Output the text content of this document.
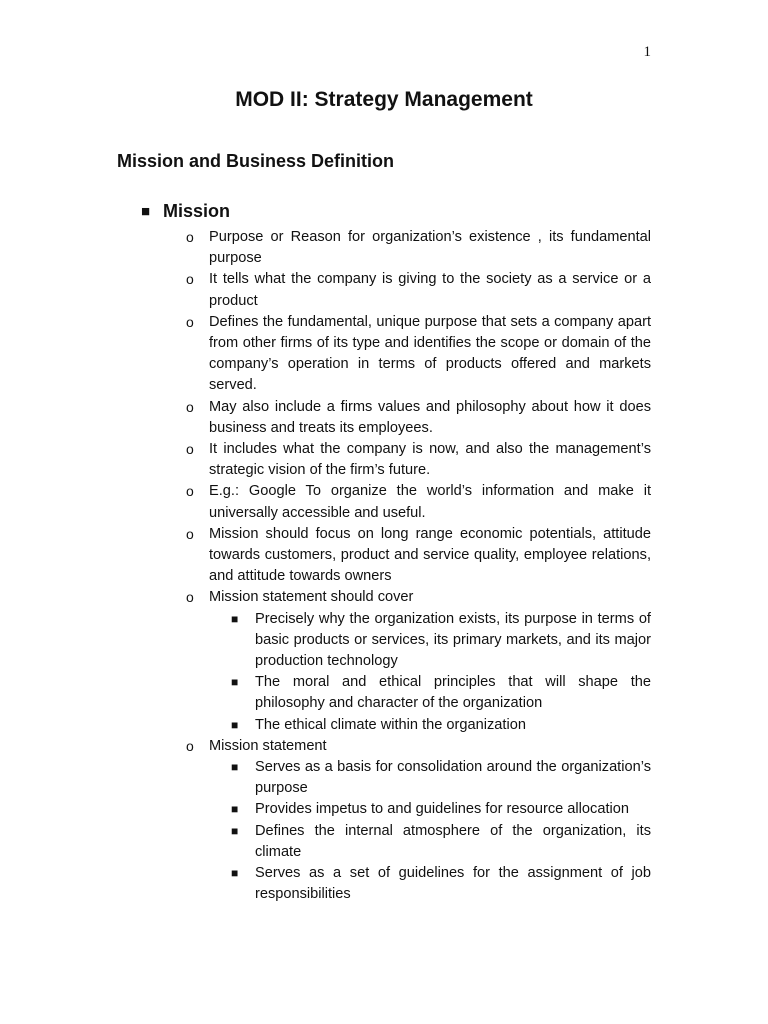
1
MOD II: Strategy Management
Mission and Business Definition
■ Mission
o Purpose or Reason for organization’s existence , its fundamental purpose
o It tells what the company is giving to the society as a service or a product
o Defines the fundamental, unique purpose that sets a company apart from other firms of its type and identifies the scope or domain of the company’s operation in terms of products offered and markets served.
o May also include a firms values and philosophy about how it does business and treats its employees.
o It includes what the company is now, and also the management’s strategic vision of the firm’s future.
o E.g.: Google To organize the world’s information and make it universally accessible and useful.
o Mission should focus on long range economic potentials, attitude towards customers, product and service quality, employee relations, and attitude towards owners
o Mission statement should cover
■ Precisely why the organization exists, its purpose in terms of basic products or services, its primary markets, and its major production technology
■ The moral and ethical principles that will shape the philosophy and character of the organization
■ The ethical climate within the organization
o Mission statement
■ Serves as a basis for consolidation around the organization’s purpose
■ Provides impetus to and guidelines for resource allocation
■ Defines the internal atmosphere of the organization, its climate
■ Serves as a set of guidelines for the assignment of job responsibilities
